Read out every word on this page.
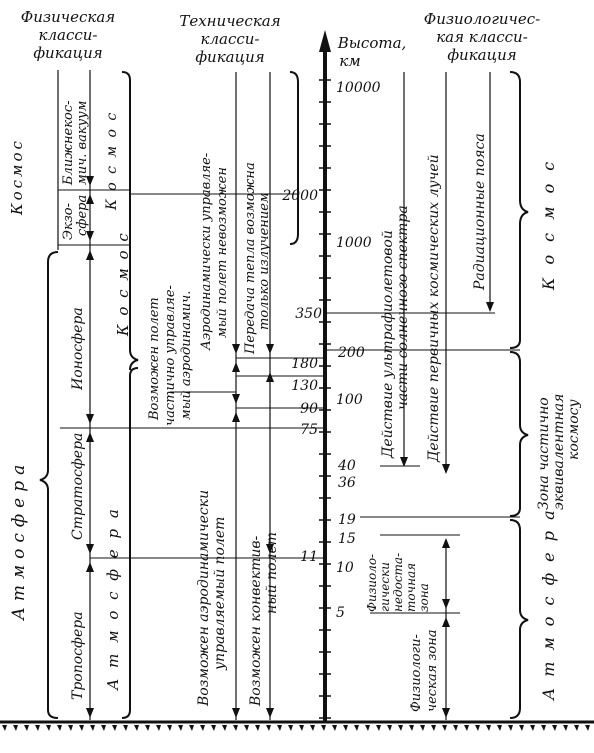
Физическая
класси-
фикация
Техническая
класси-
фикация
Высота,
км
Физиологичес-
кая класси-
фикация
10000
1000
100
10
5
2000
180
130
90
75
11
350
200
40
36
19
15
Космос
Атмосфера
Ближнекос- мич. вакуум
Экзо- сфера
Ионосфера
Стратосфера
Тропосфера
К о с м о с
А т м о с ф е р а
Аэродинамически управляе- мый полет невозможен
Возможен полет частично управляе- мый аэродинамич.
Передача тепла возможна только излучением
Возможен аэродинамически управляемый полет Возможен конвектив- ный полет
К о с м о с	Действие ультрафиолетовой части солнечного спектра Действие первичных космических лучей Радиационные пояса	К о с м о с
Зона частично эквивалентная космосу
А т м о с ф е р а
Физиоло- гически недоста- точная зона
Физиологи- ческая зона
